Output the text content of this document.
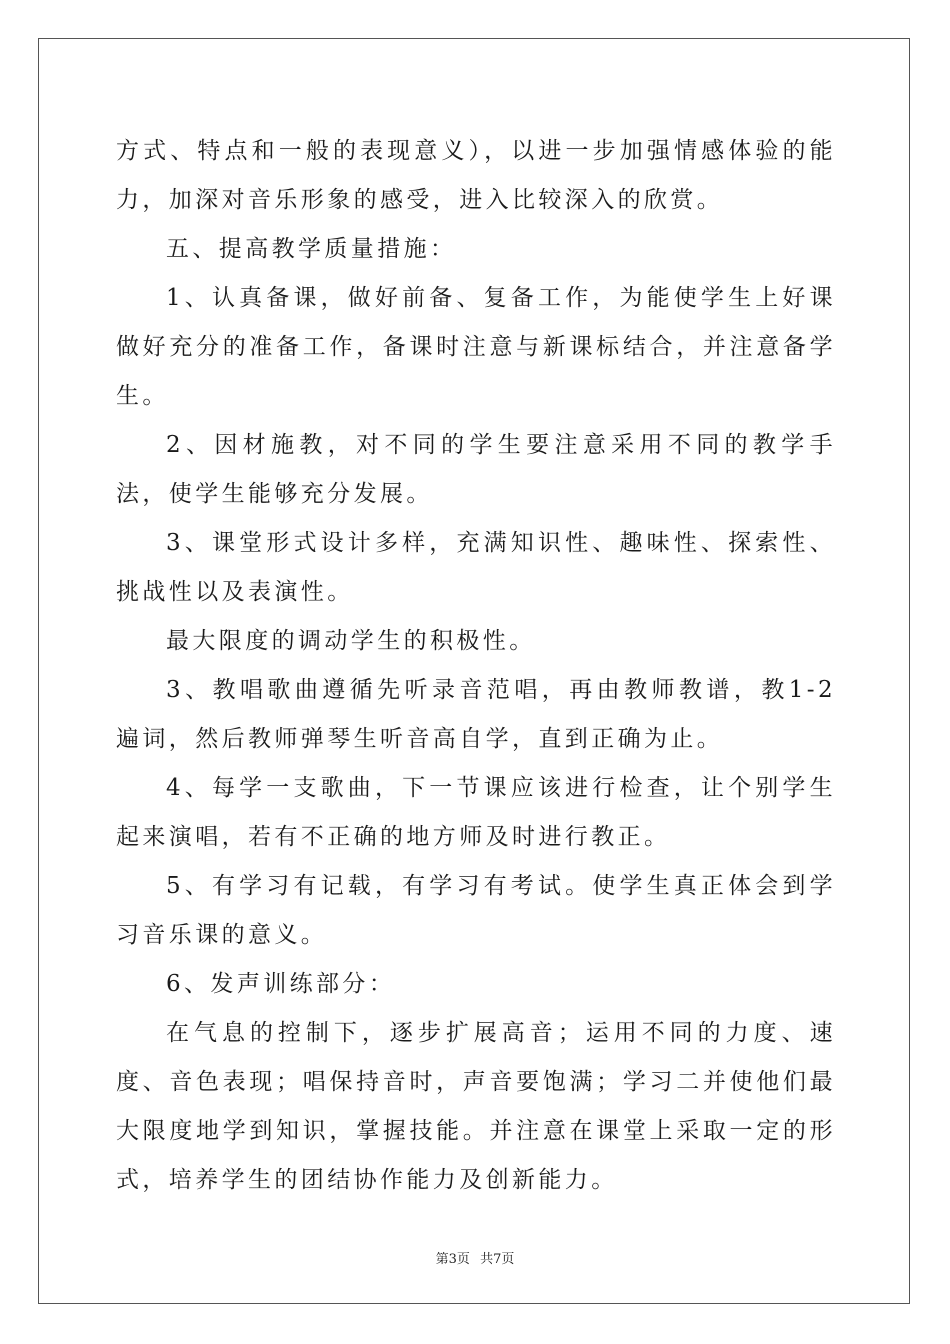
方式、特点和一般的表现意义），以进一步加强情感体验的能力，加深对音乐形象的感受，进入比较深入的欣赏。

五、提高教学质量措施：

1、认真备课，做好前备、复备工作，为能使学生上好课做好充分的准备工作，备课时注意与新课标结合，并注意备学生。

2、因材施教，对不同的学生要注意采用不同的教学手法，使学生能够充分发展。

3、课堂形式设计多样，充满知识性、趣味性、探索性、挑战性以及表演性。

最大限度的调动学生的积极性。

3、教唱歌曲遵循先听录音范唱，再由教师教谱，教1-2遍词，然后教师弹琴生听音高自学，直到正确为止。

4、每学一支歌曲，下一节课应该进行检查，让个别学生起来演唱，若有不正确的地方师及时进行教正。

5、有学习有记载，有学习有考试。使学生真正体会到学习音乐课的意义。

6、发声训练部分：

在气息的控制下，逐步扩展高音；运用不同的力度、速度、音色表现；唱保持音时，声音要饱满；学习二并使他们最大限度地学到知识，掌握技能。并注意在课堂上采取一定的形式，培养学生的团结协作能力及创新能力。

第3页 共7页
